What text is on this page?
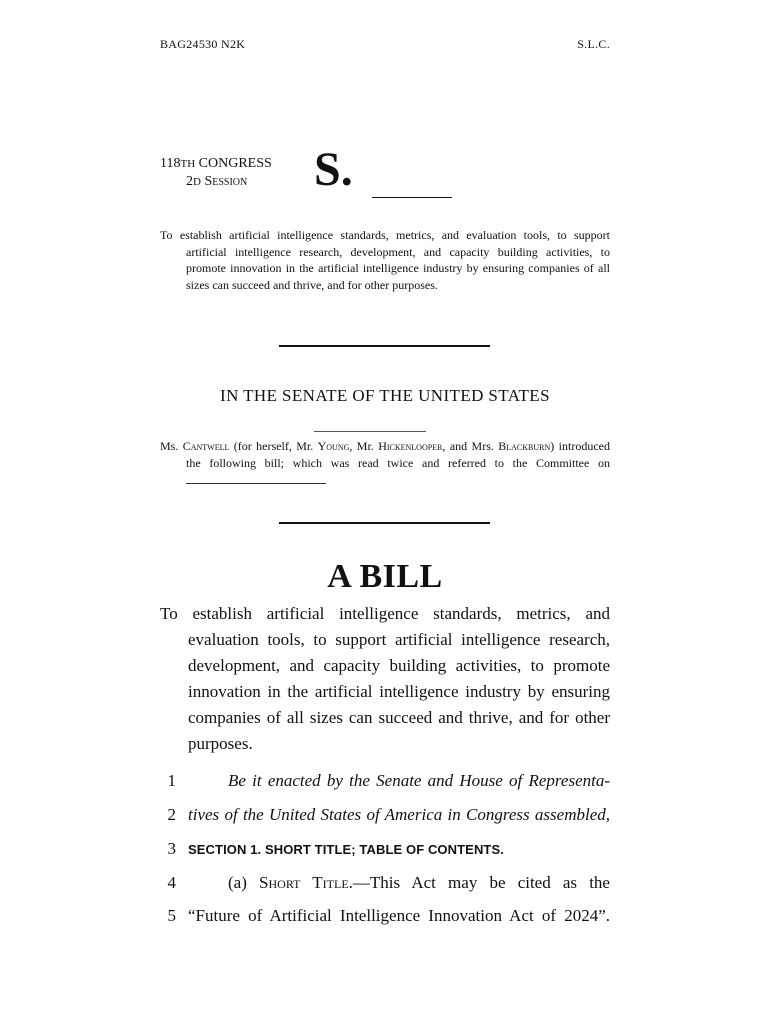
BAG24530 N2K	S.L.C.
118TH CONGRESS
2D Session	S.
To establish artificial intelligence standards, metrics, and evaluation tools, to support artificial intelligence research, development, and capacity building activities, to promote innovation in the artificial intelligence industry by ensuring companies of all sizes can succeed and thrive, and for other purposes.
IN THE SENATE OF THE UNITED STATES
Ms. Cantwell (for herself, Mr. Young, Mr. Hickenlooper, and Mrs. Blackburn) introduced the following bill; which was read twice and referred to the Committee on
A BILL
To establish artificial intelligence standards, metrics, and evaluation tools, to support artificial intelligence research, development, and capacity building activities, to promote innovation in the artificial intelligence industry by ensuring companies of all sizes can succeed and thrive, and for other purposes.
1	Be it enacted by the Senate and House of Representa-
2 tives of the United States of America in Congress assembled,
3 SECTION 1. SHORT TITLE; TABLE OF CONTENTS.
4	(a) Short Title.—This Act may be cited as the
5 “Future of Artificial Intelligence Innovation Act of 2024”.
